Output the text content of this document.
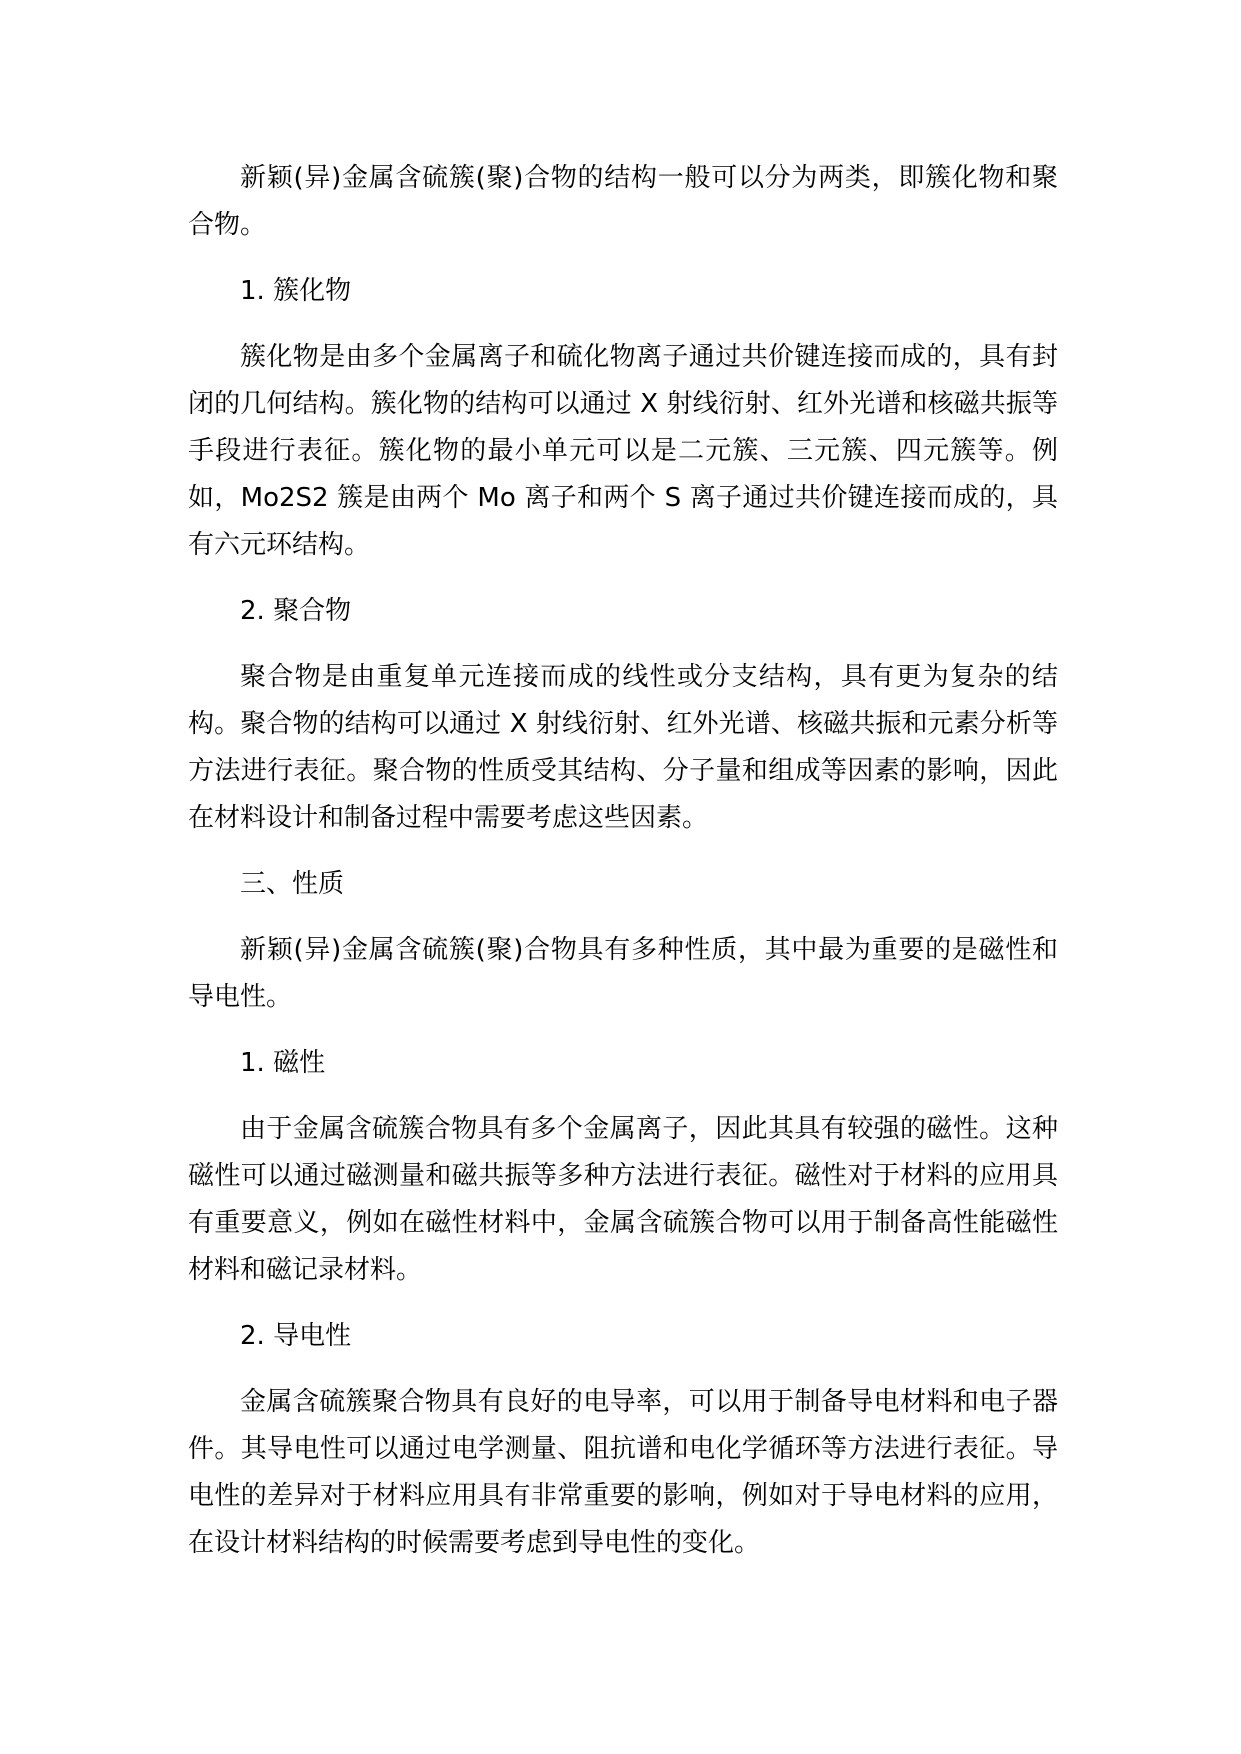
新颖(异)金属含硫簇(聚)合物的结构一般可以分为两类，即簇化物和聚合物。

1. 簇化物

簇化物是由多个金属离子和硫化物离子通过共价键连接而成的，具有封闭的几何结构。簇化物的结构可以通过 X 射线衍射、红外光谱和核磁共振等手段进行表征。簇化物的最小单元可以是二元簇、三元簇、四元簇等。例如，Mo2S2 簇是由两个 Mo 离子和两个 S 离子通过共价键连接而成的，具有六元环结构。

2. 聚合物

聚合物是由重复单元连接而成的线性或分支结构，具有更为复杂的结构。聚合物的结构可以通过 X 射线衍射、红外光谱、核磁共振和元素分析等方法进行表征。聚合物的性质受其结构、分子量和组成等因素的影响，因此在材料设计和制备过程中需要考虑这些因素。

三、性质

新颖(异)金属含硫簇(聚)合物具有多种性质，其中最为重要的是磁性和导电性。

1. 磁性

由于金属含硫簇合物具有多个金属离子，因此其具有较强的磁性。这种磁性可以通过磁测量和磁共振等多种方法进行表征。磁性对于材料的应用具有重要意义，例如在磁性材料中，金属含硫簇合物可以用于制备高性能磁性材料和磁记录材料。

2. 导电性

金属含硫簇聚合物具有良好的电导率，可以用于制备导电材料和电子器件。其导电性可以通过电学测量、阻抗谱和电化学循环等方法进行表征。导电性的差异对于材料应用具有非常重要的影响，例如对于导电材料的应用，在设计材料结构的时候需要考虑到导电性的变化。
